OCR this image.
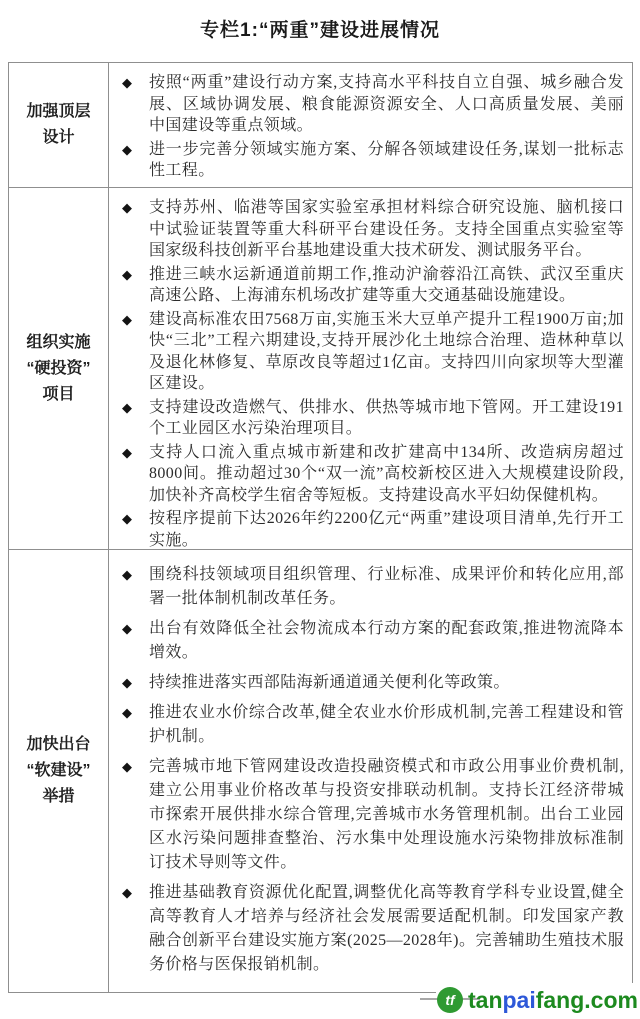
专栏1:“两重”建设进展情况
加强顶层
设计
◆ 按照“两重”建设行动方案,支持高水平科技自立自强、城乡融合发展、区域协调发展、粮食能源资源安全、人口高质量发展、美丽中国建设等重点领域。
◆ 进一步完善分领域实施方案、分解各领域建设任务,谋划一批标志性工程。
组织实施
“硬投资”
项目
◆ 支持苏州、临港等国家实验室承担材料综合研究设施、脑机接口中试验证装置等重大科研平台建设任务。支持全国重点实验室等国家级科技创新平台基地建设重大技术研发、测试服务平台。
◆ 推进三峡水运新通道前期工作,推动沪渝蓉沿江高铁、武汉至重庆高速公路、上海浦东机场改扩建等重大交通基础设施建设。
◆ 建设高标准农田7568万亩,实施玉米大豆单产提升工程1900万亩;加快“三北”工程六期建设,支持开展沙化土地综合治理、造林种草以及退化林修复、草原改良等超过1亿亩。支持四川向家坝等大型灌区建设。
◆ 支持建设改造燃气、供排水、供热等城市地下管网。开工建设191个工业园区水污染治理项目。
◆ 支持人口流入重点城市新建和改扩建高中134所、改造病房超过8000间。推动超过30个“双一流”高校新校区进入大规模建设阶段,加快补齐高校学生宿舍等短板。支持建设高水平妇幼保健机构。
◆ 按程序提前下达2026年约2200亿元“两重”建设项目清单,先行开工实施。
加快出台
“软建设”
举措
◆ 围绕科技领域项目组织管理、行业标准、成果评价和转化应用,部署一批体制机制改革任务。
◆ 出台有效降低全社会物流成本行动方案的配套政策,推进物流降本增效。
◆ 持续推进落实西部陆海新通道通关便利化等政策。
◆ 推进农业水价综合改革,健全农业水价形成机制,完善工程建设和管护机制。
◆ 完善城市地下管网建设改造投融资模式和市政公用事业价费机制,建立公用事业价格改革与投资安排联动机制。支持长江经济带城市探索开展供排水综合管理,完善城市水务管理机制。出台工业园区水污染问题排查整治、污水集中处理设施水污染物排放标准制订技术导则等文件。
◆ 推进基础教育资源优化配置,调整优化高等教育学科专业设置,健全高等教育人才培养与经济社会发展需要适配机制。印发国家产教融合创新平台建设实施方案(2025—2028年)。完善辅助生殖技术服务价格与医保报销机制。
tf tanpaifang.com
